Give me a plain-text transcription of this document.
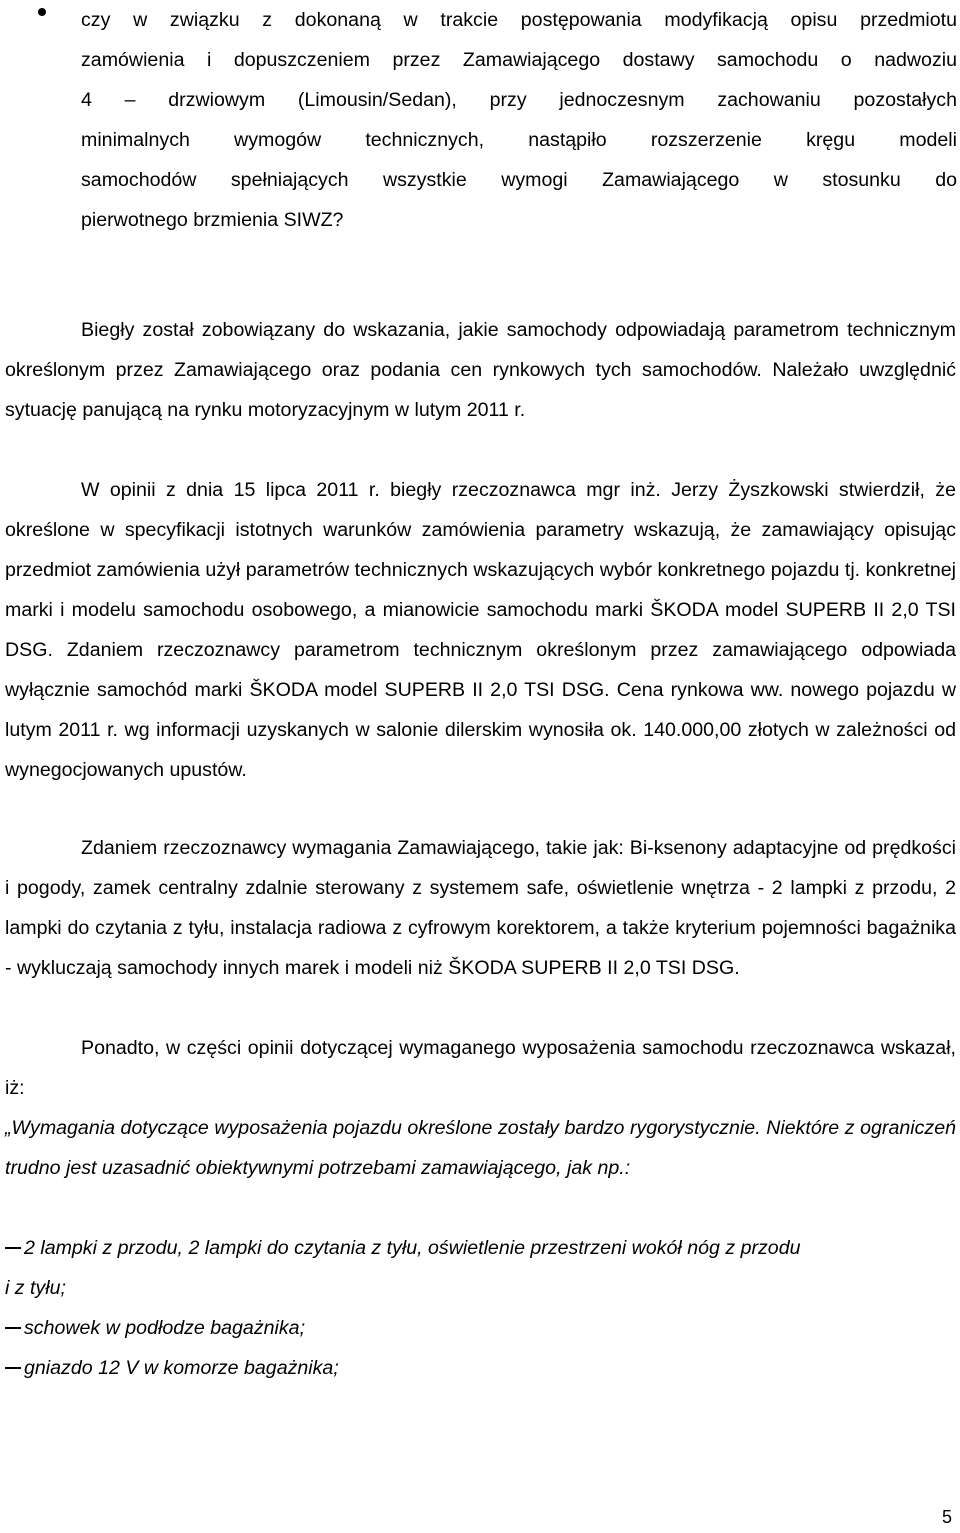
czy w związku z dokonaną w trakcie postępowania modyfikacją opisu przedmiotu

zamówienia i dopuszczeniem przez Zamawiającego dostawy samochodu o nadwoziu

4 – drzwiowym (Limousin/Sedan), przy jednoczesnym zachowaniu pozostałych

minimalnych wymogów technicznych, nastąpiło rozszerzenie kręgu modeli

samochodów spełniających wszystkie wymogi Zamawiającego w stosunku do

pierwotnego brzmienia SIWZ?

Biegły został zobowiązany do wskazania, jakie samochody odpowiadają parametrom technicznym określonym przez Zamawiającego oraz podania cen rynkowych tych samochodów. Należało uwzględnić sytuację panującą na rynku motoryzacyjnym w lutym 2011 r.

W opinii z dnia 15 lipca 2011 r. biegły rzeczoznawca mgr inż. Jerzy Żyszkowski stwierdził, że określone w specyfikacji istotnych warunków zamówienia parametry wskazują, że zamawiający opisując przedmiot zamówienia użył parametrów technicznych wskazujących wybór konkretnego pojazdu tj. konkretnej marki i modelu samochodu osobowego, a mianowicie samochodu marki ŠKODA model SUPERB II 2,0 TSI DSG. Zdaniem rzeczoznawcy parametrom technicznym określonym przez zamawiającego odpowiada wyłącznie samochód marki ŠKODA model SUPERB II 2,0 TSI DSG. Cena rynkowa ww. nowego pojazdu w lutym 2011 r. wg informacji uzyskanych w salonie dilerskim wynosiła ok. 140.000,00 złotych w zależności od wynegocjowanych upustów.

Zdaniem rzeczoznawcy wymagania Zamawiającego, takie jak: Bi-ksenony adaptacyjne od prędkości i pogody, zamek centralny zdalnie sterowany z systemem safe, oświetlenie wnętrza - 2 lampki z przodu, 2 lampki do czytania z tyłu, instalacja radiowa z cyfrowym korektorem, a także kryterium pojemności bagażnika - wykluczają samochody innych marek i modeli niż ŠKODA SUPERB II 2,0 TSI DSG.

Ponadto, w części opinii dotyczącej wymaganego wyposażenia samochodu rzeczoznawca wskazał, iż:

„Wymagania dotyczące wyposażenia pojazdu określone zostały bardzo rygorystycznie. Niektóre z ograniczeń trudno jest uzasadnić obiektywnymi potrzebami zamawiającego, jak np.:

2 lampki z przodu, 2 lampki do czytania z tyłu, oświetlenie przestrzeni wokół nóg z przodu
i z tyłu;
schowek w podłodze bagażnika;
gniazdo 12 V w komorze bagażnika;
5
